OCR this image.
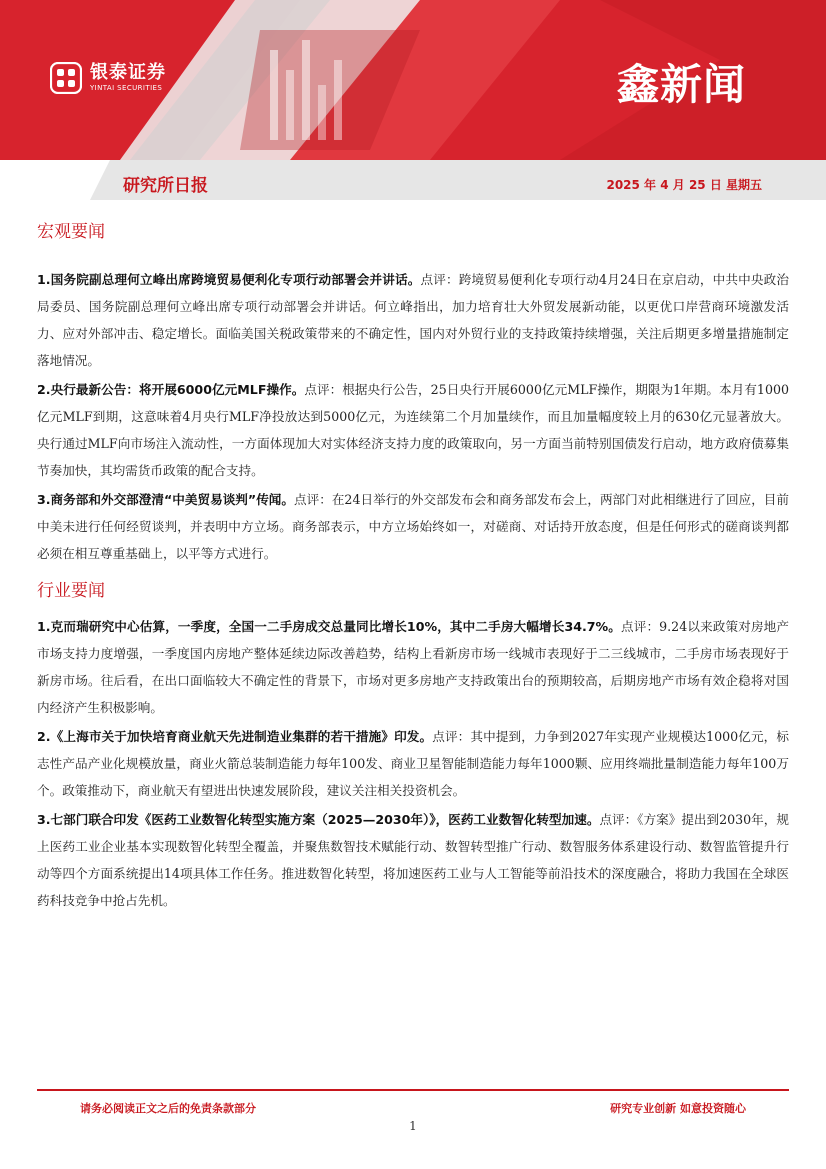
银泰证券
YINTAI SECURITIES	鑫新闻
研究所日报	2025 年 4 月 25 日 星期五
宏观要闻

1.国务院副总理何立峰出席跨境贸易便利化专项行动部署会并讲话。点评：跨境贸易便利化专项行动4月24日在京启动，中共中央政治局委员、国务院副总理何立峰出席专项行动部署会并讲话。何立峰指出，加力培育壮大外贸发展新动能，以更优口岸营商环境激发活力、应对外部冲击、稳定增长。面临美国关税政策带来的不确定性，国内对外贸行业的支持政策持续增强，关注后期更多增量措施制定落地情况。

2.央行最新公告：将开展6000亿元MLF操作。点评：根据央行公告，25日央行开展6000亿元MLF操作，期限为1年期。本月有1000亿元MLF到期，这意味着4月央行MLF净投放达到5000亿元，为连续第二个月加量续作，而且加量幅度较上月的630亿元显著放大。央行通过MLF向市场注入流动性，一方面体现加大对实体经济支持力度的政策取向，另一方面当前特别国债发行启动，地方政府债募集节奏加快，其均需货币政策的配合支持。

3.商务部和外交部澄清“中美贸易谈判”传闻。点评：在24日举行的外交部发布会和商务部发布会上，两部门对此相继进行了回应，目前中美未进行任何经贸谈判，并表明中方立场。商务部表示，中方立场始终如一，对磋商、对话持开放态度，但是任何形式的磋商谈判都必须在相互尊重基础上，以平等方式进行。

行业要闻

1.克而瑞研究中心估算，一季度，全国一二手房成交总量同比增长10%，其中二手房大幅增长34.7%。点评：9.24以来政策对房地产市场支持力度增强，一季度国内房地产整体延续边际改善趋势，结构上看新房市场一线城市表现好于二三线城市，二手房市场表现好于新房市场。往后看，在出口面临较大不确定性的背景下，市场对更多房地产支持政策出台的预期较高，后期房地产市场有效企稳将对国内经济产生积极影响。

2.《上海市关于加快培育商业航天先进制造业集群的若干措施》印发。点评：其中提到，力争到2027年实现产业规模达1000亿元，标志性产品产业化规模放量，商业火箭总装制造能力每年100发、商业卫星智能制造能力每年1000颗、应用终端批量制造能力每年100万个。政策推动下，商业航天有望进出快速发展阶段，建议关注相关投资机会。

3.七部门联合印发《医药工业数智化转型实施方案（2025—2030年）》，医药工业数智化转型加速。点评：《方案》提出到2030年，规上医药工业企业基本实现数智化转型全覆盖，并聚焦数智技术赋能行动、数智转型推广行动、数智服务体系建设行动、数智监管提升行动等四个方面系统提出14项具体工作任务。推进数智化转型，将加速医药工业与人工智能等前沿技术的深度融合，将助力我国在全球医药科技竞争中抢占先机。

请务必阅读正文之后的免责条款部分	研究专业创新 如意投资随心
1
